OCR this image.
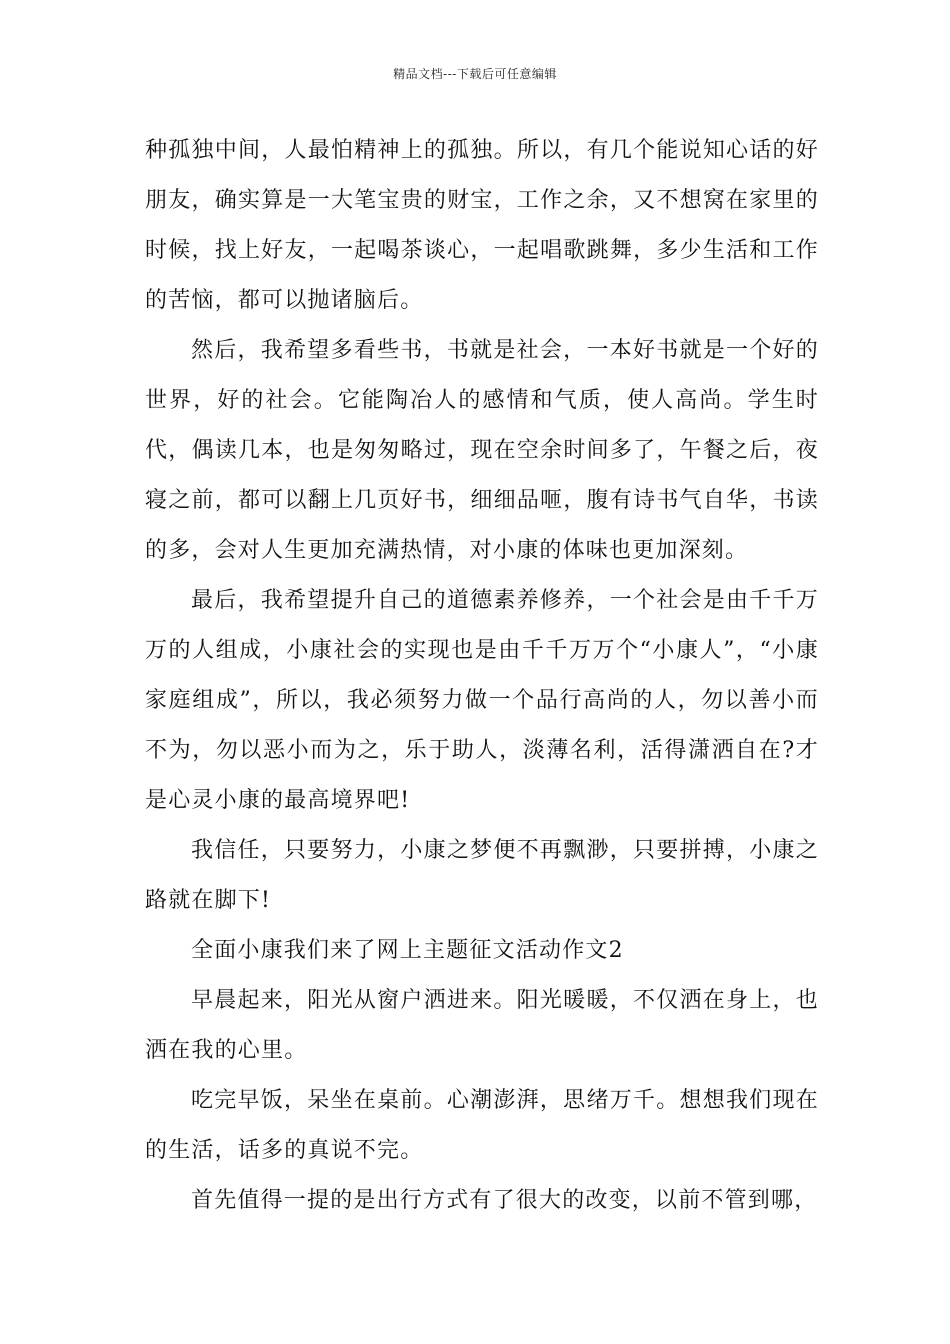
精品文档---下载后可任意编辑

种孤独中间，人最怕精神上的孤独。所以，有几个能说知心话的好朋友，确实算是一大笔宝贵的财宝，工作之余，又不想窝在家里的时候，找上好友，一起喝茶谈心，一起唱歌跳舞，多少生活和工作的苦恼，都可以抛诸脑后。

然后，我希望多看些书，书就是社会，一本好书就是一个好的世界，好的社会。它能陶冶人的感情和气质，使人高尚。学生时代，偶读几本，也是匆匆略过，现在空余时间多了，午餐之后，夜寝之前，都可以翻上几页好书，细细品咂，腹有诗书气自华，书读的多，会对人生更加充满热情，对小康的体味也更加深刻。

最后，我希望提升自己的道德素养修养，一个社会是由千千万万的人组成，小康社会的实现也是由千千万万个“小康人”，“小康家庭组成”，所以，我必须努力做一个品行高尚的人，勿以善小而不为，勿以恶小而为之，乐于助人，淡薄名利，活得潇洒自在?才是心灵小康的最高境界吧!

我信任，只要努力，小康之梦便不再飘渺，只要拼搏，小康之路就在脚下!

全面小康我们来了网上主题征文活动作文2

早晨起来，阳光从窗户洒进来。阳光暖暖，不仅洒在身上，也洒在我的心里。

吃完早饭，呆坐在桌前。心潮澎湃，思绪万千。想想我们现在的生活，话多的真说不完。

首先值得一提的是出行方式有了很大的改变，以前不管到哪，
